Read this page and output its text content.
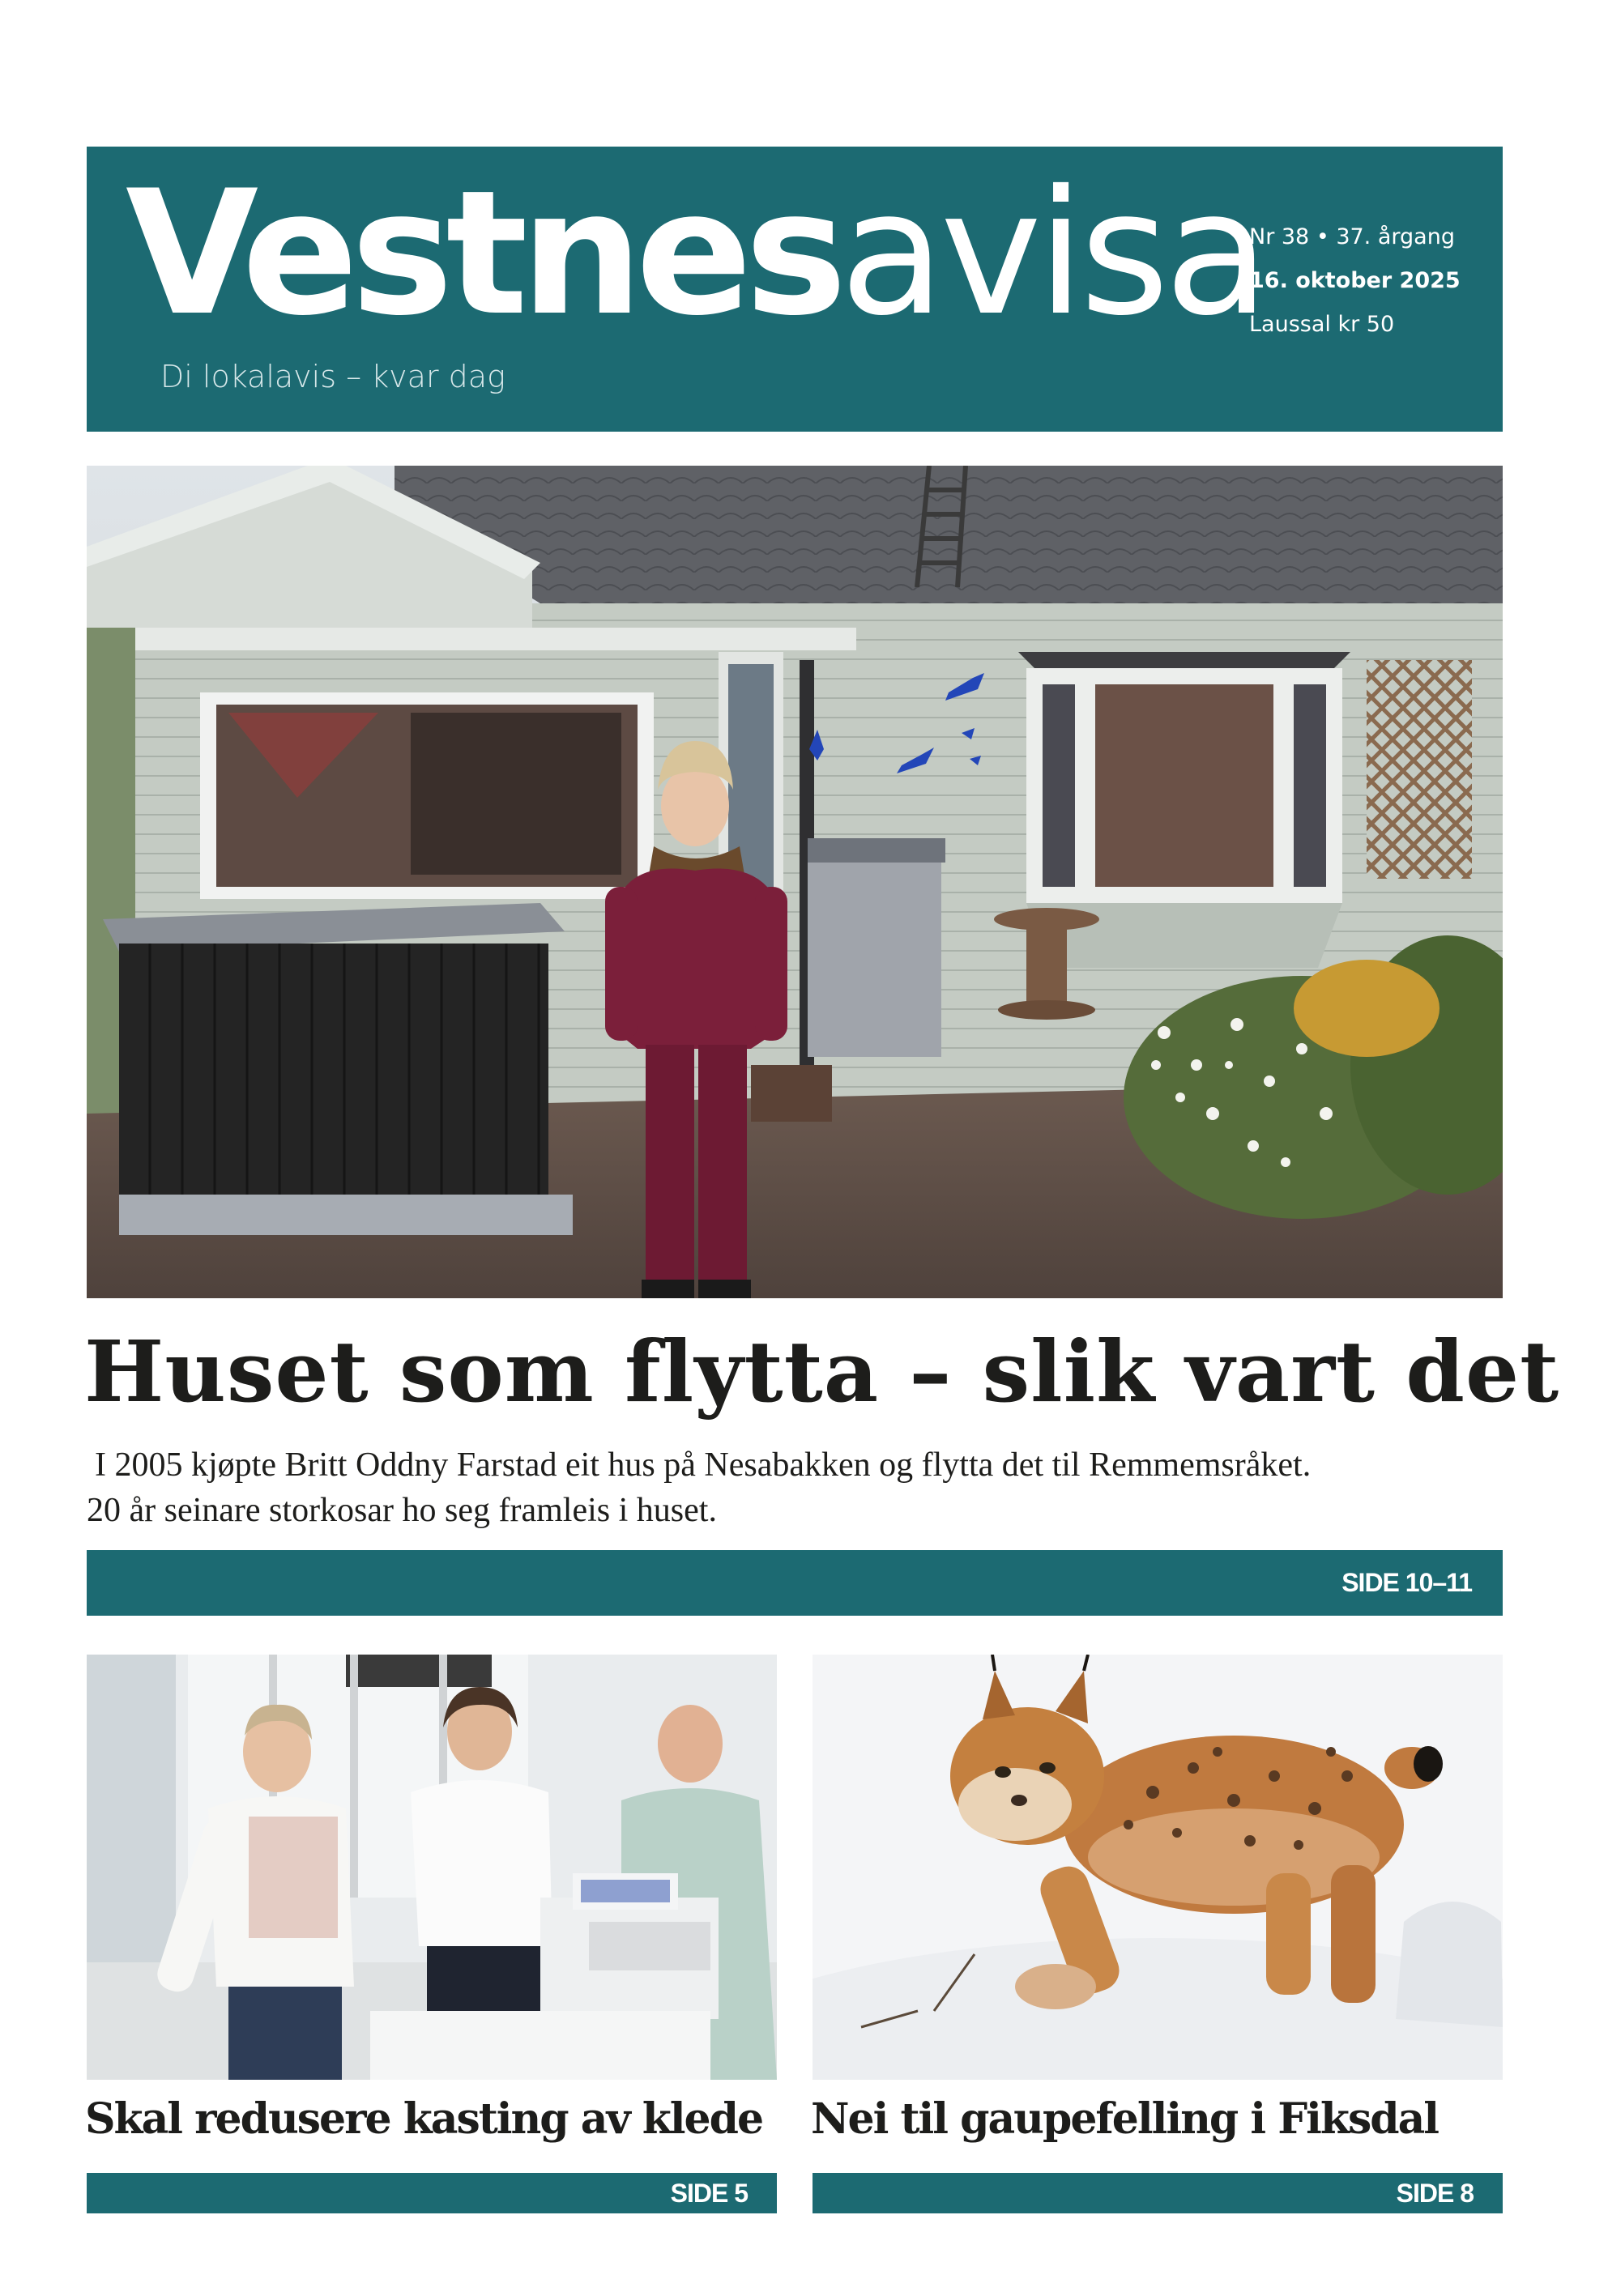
Vestnesavisa
Di lokalavis – kvar dag
Nr 38 • 37. årgang
16. oktober 2025
Laussal kr 50
Huset som flytta – slik vart det

I 2005 kjøpte Britt Oddny Farstad eit hus på Nesabakken og flytta det til Remmemsråket.
20 år seinare storkosar ho seg framleis i huset.

SIDE 10–11
Skal redusere kasting av klede Nei til gaupefelling i Fiksdal
SIDE 5	SIDE 8
